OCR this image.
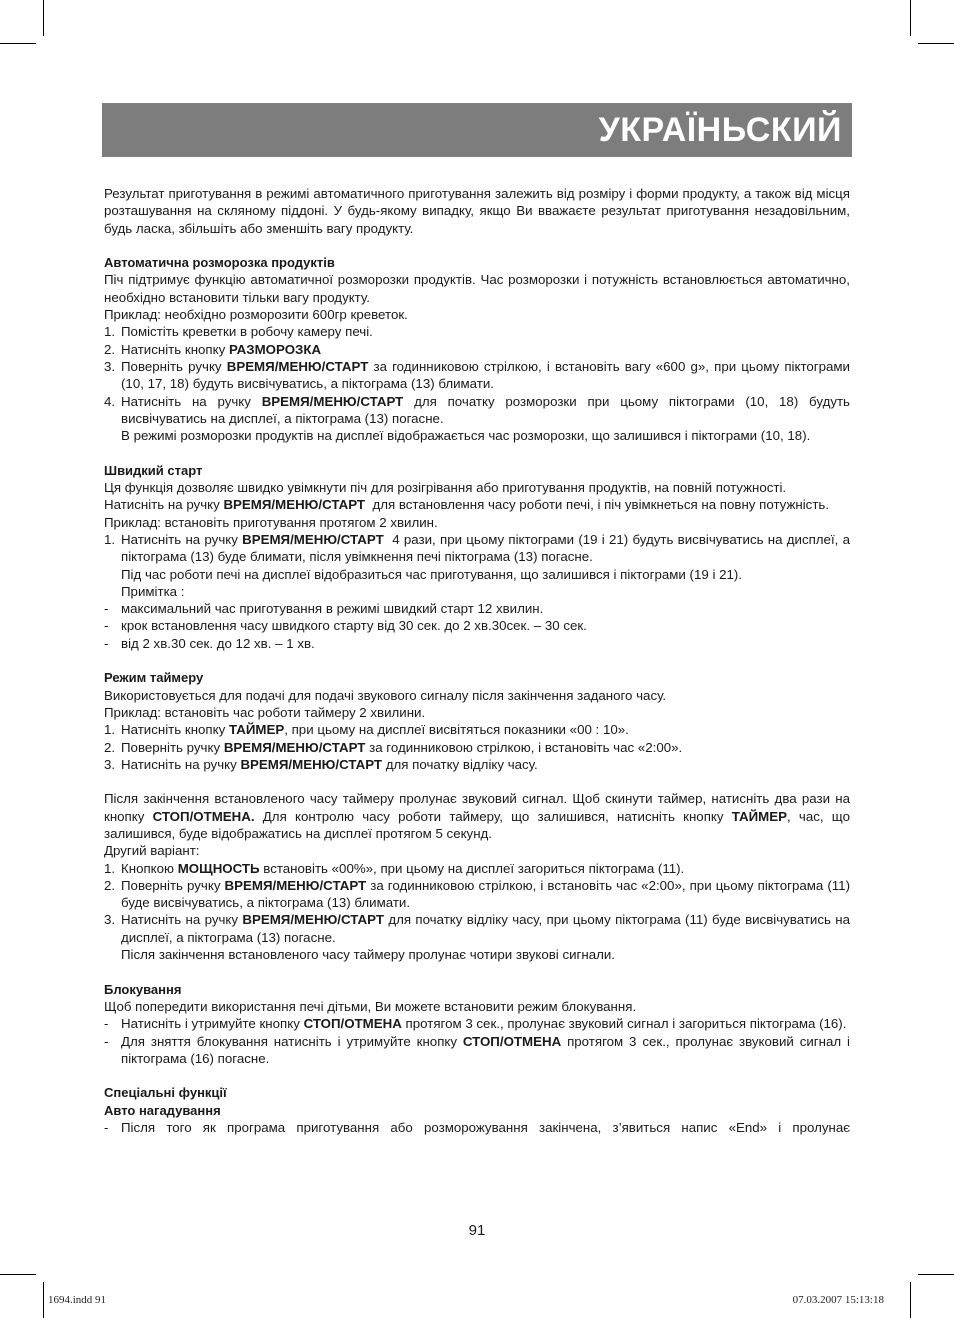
УКРАЇНЬСКИЙ

Результат приготування в режимі автоматичного приготування залежить від розміру і форми продукту, а також від місця розташування на скляному піддоні. У будь-якому випадку, якщо Ви вважаєте результат приготування незадовільним, будь ласка, збільшіть або зменшіть вагу продукту.

Автоматична розморозка продуктів

Піч підтримує функцію автоматичної розморозки продуктів. Час розморозки і потужність встановлюється автоматично, необхідно встановити тільки вагу продукту.

Приклад: необхідно розморозити 600гр креветок.

1. Помістіть креветки в робочу камеру печі.
2. Натисніть кнопку РАЗМОРОЗКА
3. Поверніть ручку ВРЕМЯ/МЕНЮ/СТАРТ за годинниковою стрілкою, і встановіть вагу «600 g», при цьому піктограми (10, 17, 18) будуть висвічуватись, а піктограма (13) блимати.
4. Натисніть на ручку ВРЕМЯ/МЕНЮ/СТАРТ для початку розморозки при цьому піктограми (10, 18) будуть висвічуватись на дисплеї, а піктограма (13) погасне.
В режимі розморозки продуктів на дисплеї відображається час розморозки, що залишився і піктограми (10, 18).
Швидкий старт

Ця функція дозволяє швидко увімкнути піч для розігрівання або приготування продуктів, на повній потужності.

Натисніть на ручку ВРЕМЯ/МЕНЮ/СТАРТ  для встановлення часу роботи печі, і піч увімкнеться на повну потужність.

Приклад: встановіть приготування протягом 2 хвилин.

1. Натисніть на ручку ВРЕМЯ/МЕНЮ/СТАРТ  4 рази, при цьому піктограми (19 і 21) будуть висвічуватись на дисплеї, а піктограма (13) буде блимати, після увімкнення печі піктограма (13) погасне.
Під час роботи печі на дисплеї відобразиться час приготування, що залишився і піктограми (19 і 21).
Примітка :
- максимальний час приготування в режимі швидкий старт 12 хвилин.
- крок встановлення часу швидкого старту від 30 сек. до 2 хв.30сек. – 30 сек.
- від 2 хв.30 сек. до 12 хв. – 1 хв.
Режим таймеру

Використовується для подачі для подачі звукового сигналу після закінчення заданого часу.

Приклад: встановіть час роботи таймеру 2 хвилини.

1. Натисніть кнопку ТАЙМЕР, при цьому на дисплеї висвітяться показники «00 : 10».
2. Поверніть ручку ВРЕМЯ/МЕНЮ/СТАРТ за годинниковою стрілкою, і встановіть час «2:00».
3. Натисніть на ручку ВРЕМЯ/МЕНЮ/СТАРТ для початку відліку часу.

Після закінчення встановленого часу таймеру пролунає звуковий сигнал. Щоб скинути таймер, натисніть два рази на кнопку СТОП/ОТМЕНА. Для контролю часу роботи таймеру, що залишився, натисніть кнопку ТАЙМЕР, час, що залишився, буде відображатись на дисплеї протягом 5 секунд.

Другий варіант:

1. Кнопкою МОЩНОСТЬ встановіть «00%», при цьому на дисплеї загориться піктограма (11).
2. Поверніть ручку ВРЕМЯ/МЕНЮ/СТАРТ за годинниковою стрілкою, і встановіть час «2:00», при цьому піктограма (11) буде висвічуватись, а піктограма (13) блимати.
3. Натисніть на ручку ВРЕМЯ/МЕНЮ/СТАРТ для початку відліку часу, при цьому піктограма (11) буде висвічуватись на дисплеї, а піктограма (13) погасне.
Після закінчення встановленого часу таймеру пролунає чотири звукові сигнали.
Блокування

Щоб попередити використання печі дітьми, Ви можете встановити режим блокування.

- Натисніть і утримуйте кнопку СТОП/ОТМЕНА протягом 3 сек., пролунає звуковий сигнал і загориться піктограма (16).
- Для зняття блокування натисніть і утримуйте кнопку СТОП/ОТМЕНА протягом 3 сек., пролунає звуковий сигнал і піктограма (16) погасне.
Спеціальні функції
Авто нагадування
- Після того як програма приготування або розморожування закінчена, з’явиться напис «End» і пролунає
91
1694.indd 91	07.03.2007 15:13:18
